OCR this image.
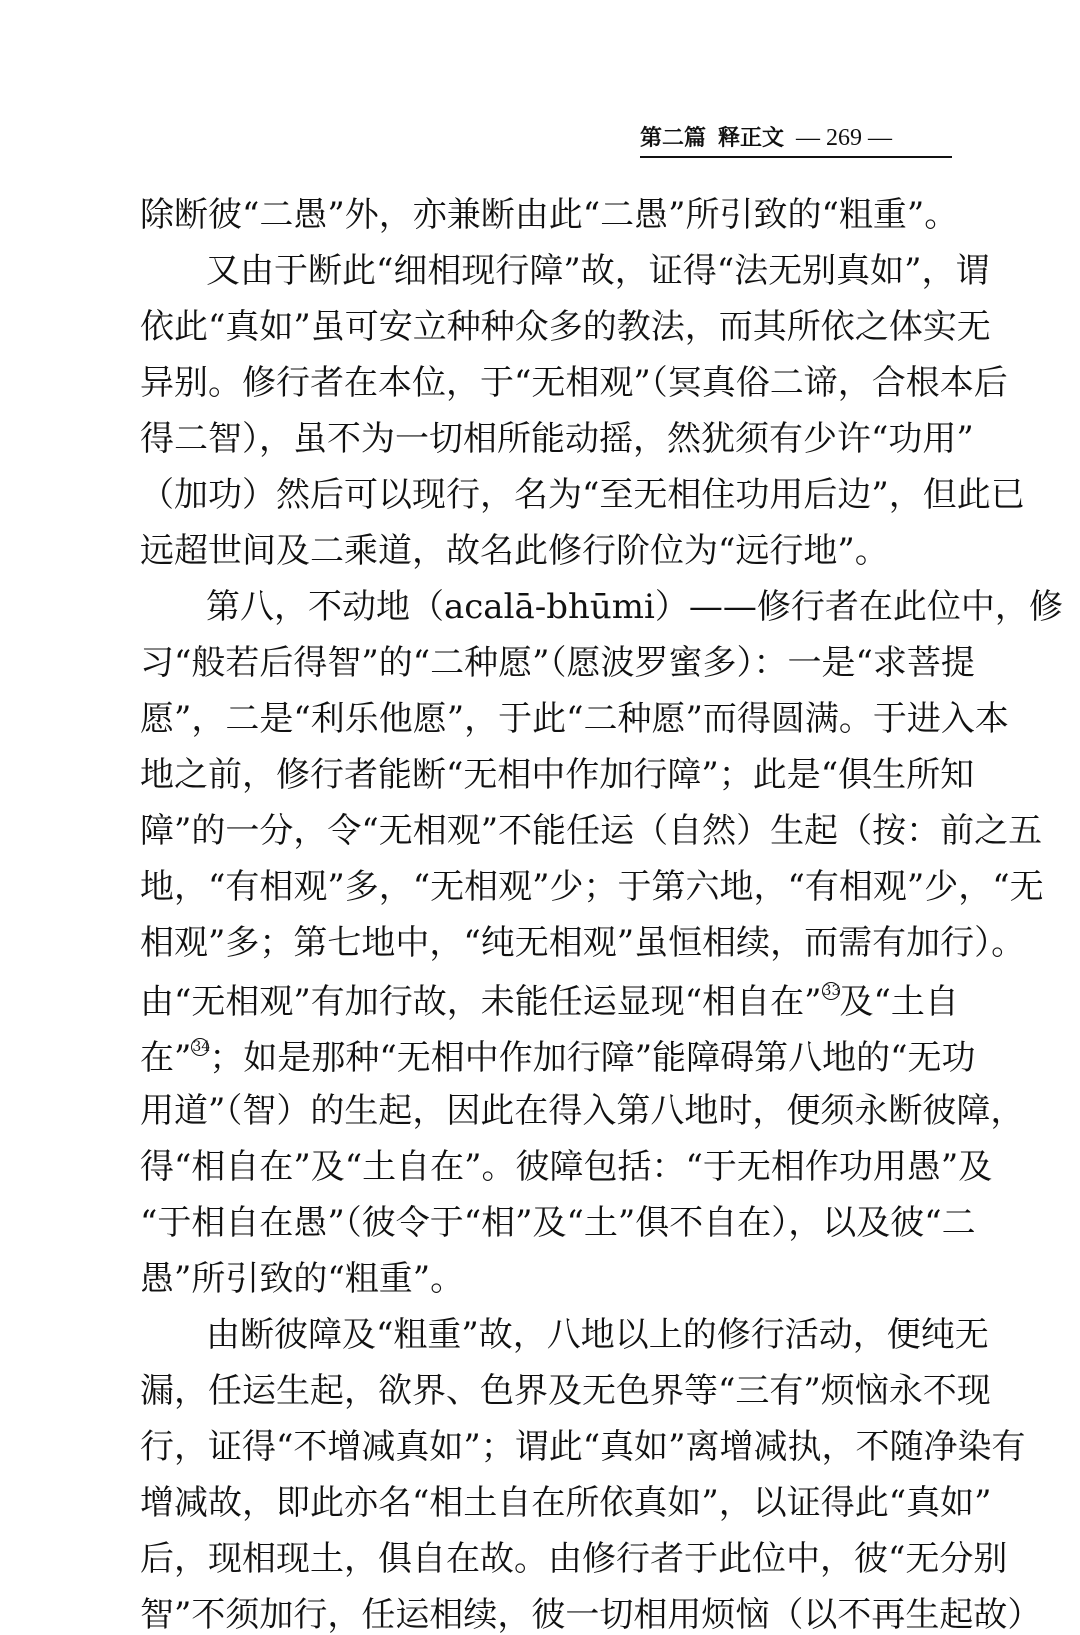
第二篇 释正文 — 269 —
除断彼“二愚”外，亦兼断由此“二愚”所引致的“粗重”。
又由于断此“细相现行障”故，证得“法无别真如”，谓
依此“真如”虽可安立种种众多的教法，而其所依之体实无
异别。修行者在本位，于“无相观”（冥真俗二谛，合根本后
得二智），虽不为一切相所能动摇，然犹须有少许“功用”
（加功）然后可以现行，名为“至无相住功用后边”，但此已
远超世间及二乘道，故名此修行阶位为“远行地”。
第八，不动地（acalā-bhūmi）——修行者在此位中，修
习“般若后得智”的“二种愿”（愿波罗蜜多）：一是“求菩提
愿”，二是“利乐他愿”，于此“二种愿”而得圆满。于进入本
地之前，修行者能断“无相中作加行障”；此是“俱生所知
障”的一分，令“无相观”不能任运（自然）生起（按：前之五
地，“有相观”多，“无相观”少；于第六地，“有相观”少，“无
相观”多；第七地中，“纯无相观”虽恒相续，而需有加行）。
由“无相观”有加行故，未能任运显现“相自在”33及“土自
在”34；如是那种“无相中作加行障”能障碍第八地的“无功
用道”（智）的生起，因此在得入第八地时，便须永断彼障，
得“相自在”及“土自在”。彼障包括：“于无相作功用愚”及
“于相自在愚”（彼令于“相”及“土”俱不自在），以及彼“二
愚”所引致的“粗重”。
由断彼障及“粗重”故，八地以上的修行活动，便纯无
漏，任运生起，欲界、色界及无色界等“三有”烦恼永不现
行，证得“不增减真如”；谓此“真如”离增减执，不随净染有
增减故，即此亦名“相土自在所依真如”，以证得此“真如”
后，现相现土，俱自在故。由修行者于此位中，彼“无分别
智”不须加行，任运相续，彼一切相用烦恼（以不再生起故）
